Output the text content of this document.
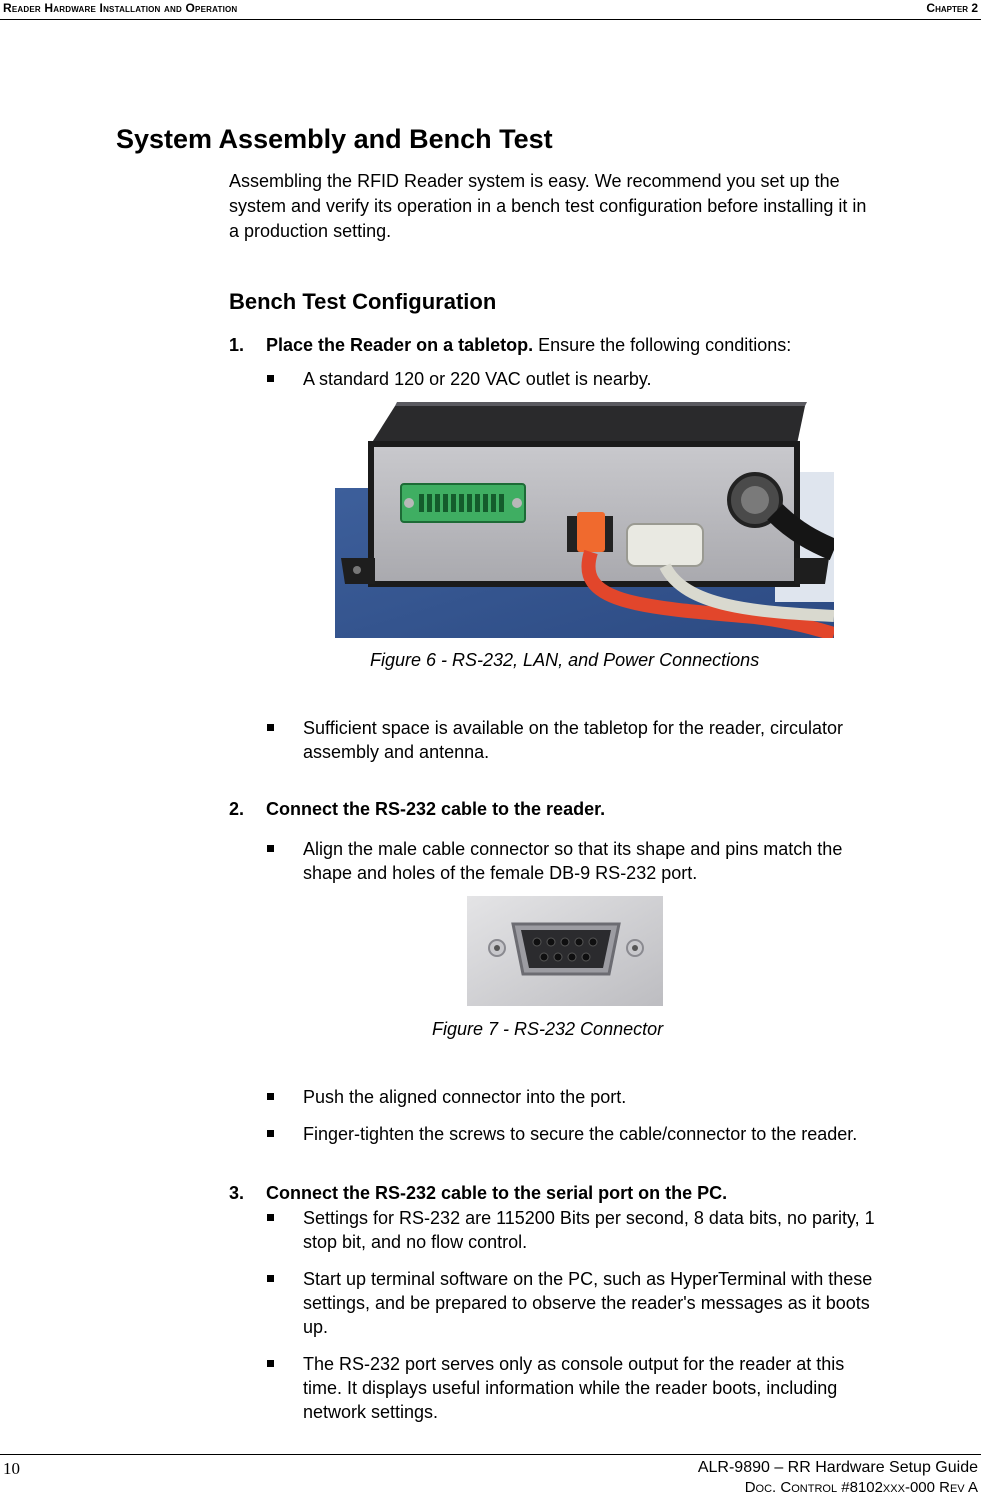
Reader Hardware Installation and Operation	Chapter 2
System Assembly and Bench Test
Assembling the RFID Reader system is easy. We recommend you set up the
system and verify its operation in a bench test configuration before installing it in
a production setting.
Bench Test Configuration
1. Place the Reader on a tabletop. Ensure the following conditions:
A standard 120 or 220 VAC outlet is nearby.
Figure 6 - RS-232, LAN, and Power Connections
Sufficient space is available on the tabletop for the reader, circulator
assembly and antenna.
2. Connect the RS-232 cable to the reader.
Align the male cable connector so that its shape and pins match the
shape and holes of the female DB-9 RS-232 port.
Figure 7 - RS-232 Connector
Push the aligned connector into the port.
Finger-tighten the screws to secure the cable/connector to the reader.
3. Connect the RS-232 cable to the serial port on the PC.
Settings for RS-232 are 115200 Bits per second, 8 data bits, no parity, 1
stop bit, and no flow control.
Start up terminal software on the PC, such as HyperTerminal with these
settings, and be prepared to observe the reader's messages as it boots
up.
The RS-232 port serves only as console output for the reader at this
time. It displays useful information while the reader boots, including
network settings.
10	ALR-9890 – RR Hardware Setup Guide
Doc. Control #8102xxx-000 Rev A
